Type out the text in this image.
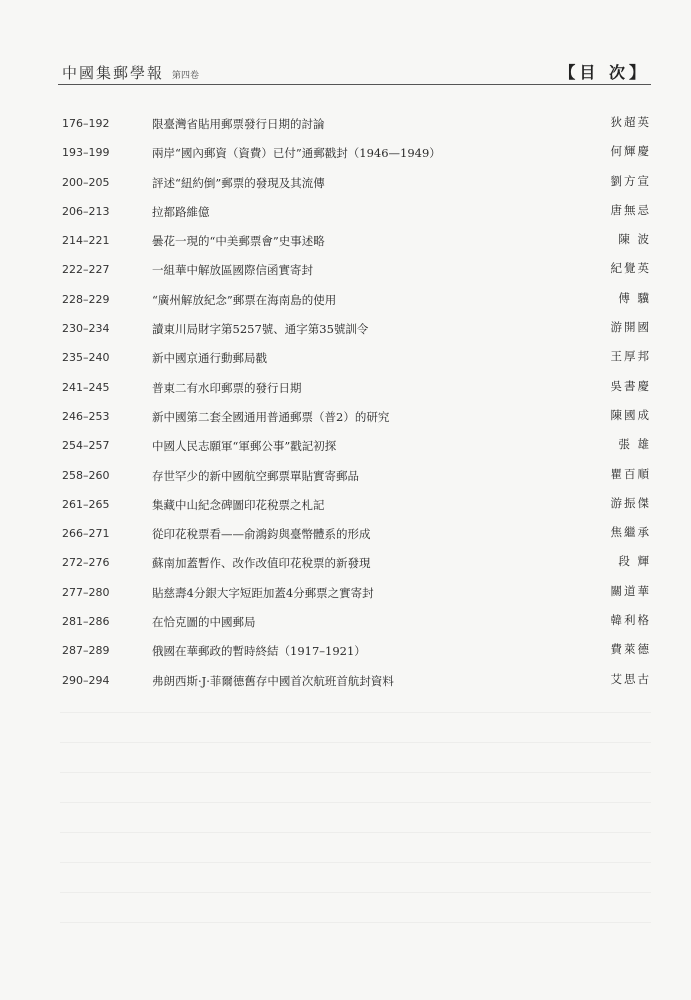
中國集郵學報 第四卷	【目 次】
176–192	限臺灣省貼用郵票發行日期的討論	狄超英
193–199	兩岸“國內郵資（資費）已付”通郵戳封（1946—1949）	何輝慶
200–205	評述“紐約倒”郵票的發現及其流傳	劉方宣
206–213	拉都路維億	唐無忌
214–221	曇花一現的“中美郵票會”史事述略	陳 波
222–227	一組華中解放區國際信函實寄封	紀覺英
228–229	“廣州解放紀念”郵票在海南島的使用	傅 驥
230–234	讀東川局財字第5257號、通字第35號訓令	游開國
235–240	新中國京通行動郵局戳	王厚邦
241–245	普東二有水印郵票的發行日期	吳書慶
246–253	新中國第二套全國通用普通郵票（普2）的研究	陳國成
254–257	中國人民志願軍“軍郵公事”戳記初探	張 雄
258–260	存世罕少的新中國航空郵票單貼實寄郵品	瞿百順
261–265	集藏中山紀念碑圖印花稅票之札記	游振傑
266–271	從印花稅票看——俞鴻鈞與臺幣體系的形成	焦繼承
272–276	蘇南加蓋暫作、改作改值印花稅票的新發現	段 輝
277–280	貼慈壽4分銀大字短距加蓋4分郵票之實寄封	關道華
281–286	在恰克圖的中國郵局	韓利格
287–289	俄國在華郵政的暫時終結（1917–1921）	費萊德
290–294	弗朗西斯·J·菲爾德舊存中國首次航班首航封資料	艾思古
